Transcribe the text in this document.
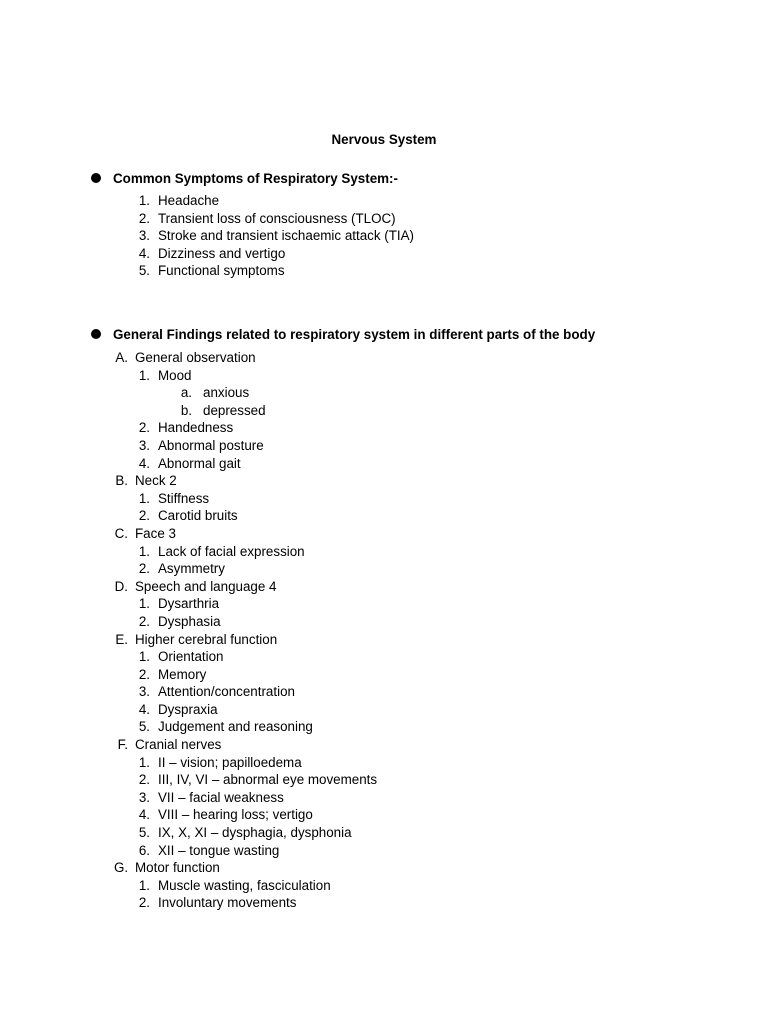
Nervous System
Common Symptoms of Respiratory System:-
1. Headache
2. Transient loss of consciousness (TLOC)
3. Stroke and transient ischaemic attack (TIA)
4. Dizziness and vertigo
5. Functional symptoms
General Findings related to respiratory system in different parts of the body
A. General observation
1. Mood
a. anxious
b. depressed
2. Handedness
3. Abnormal posture
4. Abnormal gait
B. Neck 2
1. Stiffness
2. Carotid bruits
C. Face 3
1. Lack of facial expression
2. Asymmetry
D. Speech and language 4
1. Dysarthria
2. Dysphasia
E. Higher cerebral function
1. Orientation
2. Memory
3. Attention/concentration
4. Dyspraxia
5. Judgement and reasoning
F. Cranial nerves
1. II – vision; papilloedema
2. III, IV, VI – abnormal eye movements
3. VII – facial weakness
4. VIII – hearing loss; vertigo
5. IX, X, XI – dysphagia, dysphonia
6. XII – tongue wasting
G. Motor function
1. Muscle wasting, fasciculation
2. Involuntary movements
